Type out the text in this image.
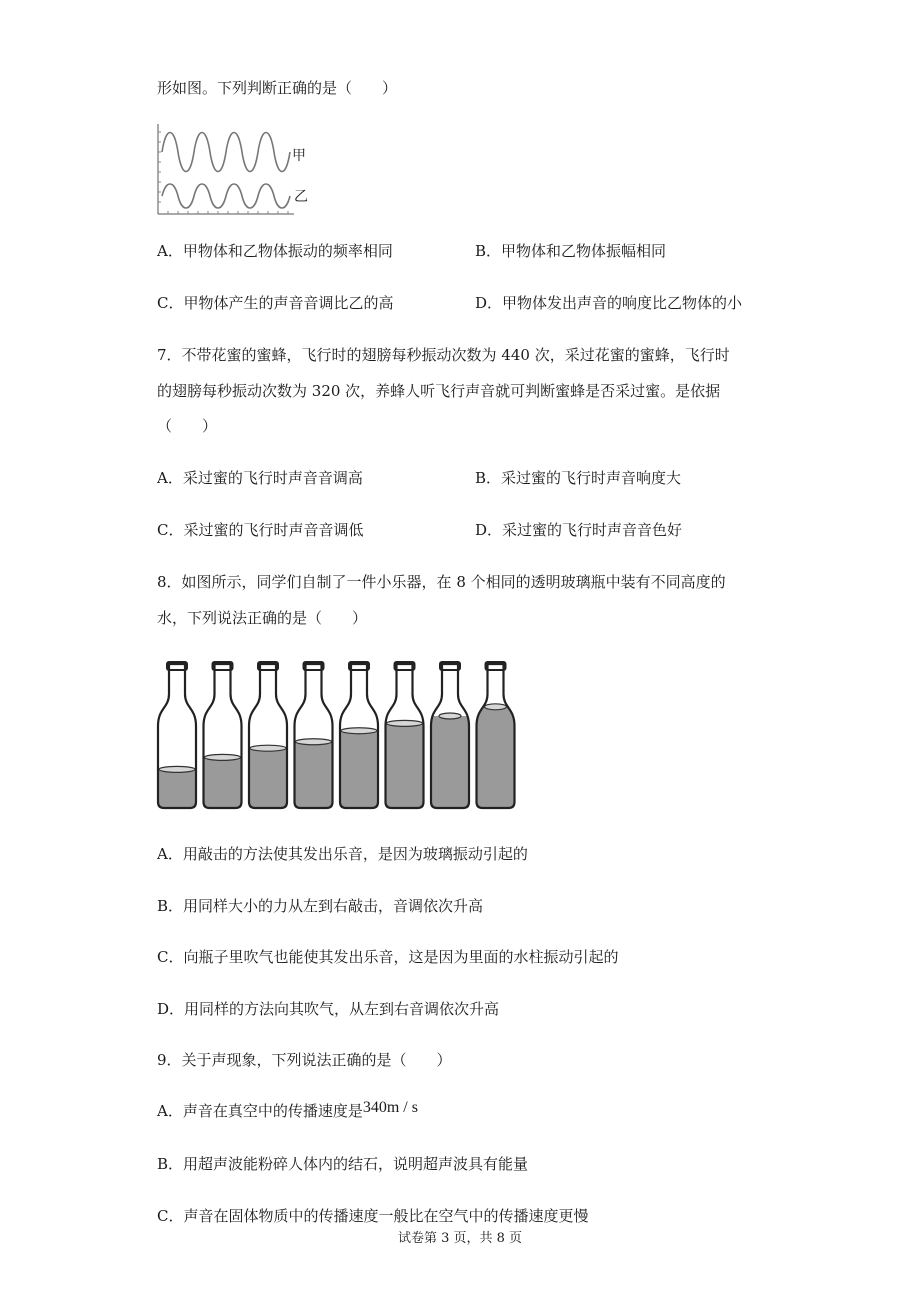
形如图。下列判断正确的是（　　）
甲
乙
A．甲物体和乙物体振动的频率相同	B．甲物体和乙物体振幅相同
C．甲物体产生的声音音调比乙的高	D．甲物体发出声音的响度比乙物体的小
7．不带花蜜的蜜蜂，飞行时的翅膀每秒振动次数为 440 次，采过花蜜的蜜蜂，飞行时
的翅膀每秒振动次数为 320 次，养蜂人听飞行声音就可判断蜜蜂是否采过蜜。是依据
（　　）
A．采过蜜的飞行时声音音调高	B．采过蜜的飞行时声音响度大
C．采过蜜的飞行时声音音调低	D．采过蜜的飞行时声音音色好
8．如图所示，同学们自制了一件小乐器，在 8 个相同的透明玻璃瓶中装有不同高度的
水，下列说法正确的是（　　）
A．用敲击的方法使其发出乐音，是因为玻璃振动引起的
B．用同样大小的力从左到右敲击，音调依次升高
C．向瓶子里吹气也能使其发出乐音，这是因为里面的水柱振动引起的
D．用同样的方法向其吹气，从左到右音调依次升高
9．关于声现象，下列说法正确的是（　　）
A．声音在真空中的传播速度是340m / s
B．用超声波能粉碎人体内的结石，说明超声波具有能量
C．声音在固体物质中的传播速度一般比在空气中的传播速度更慢
试卷第 3 页，共 8 页
